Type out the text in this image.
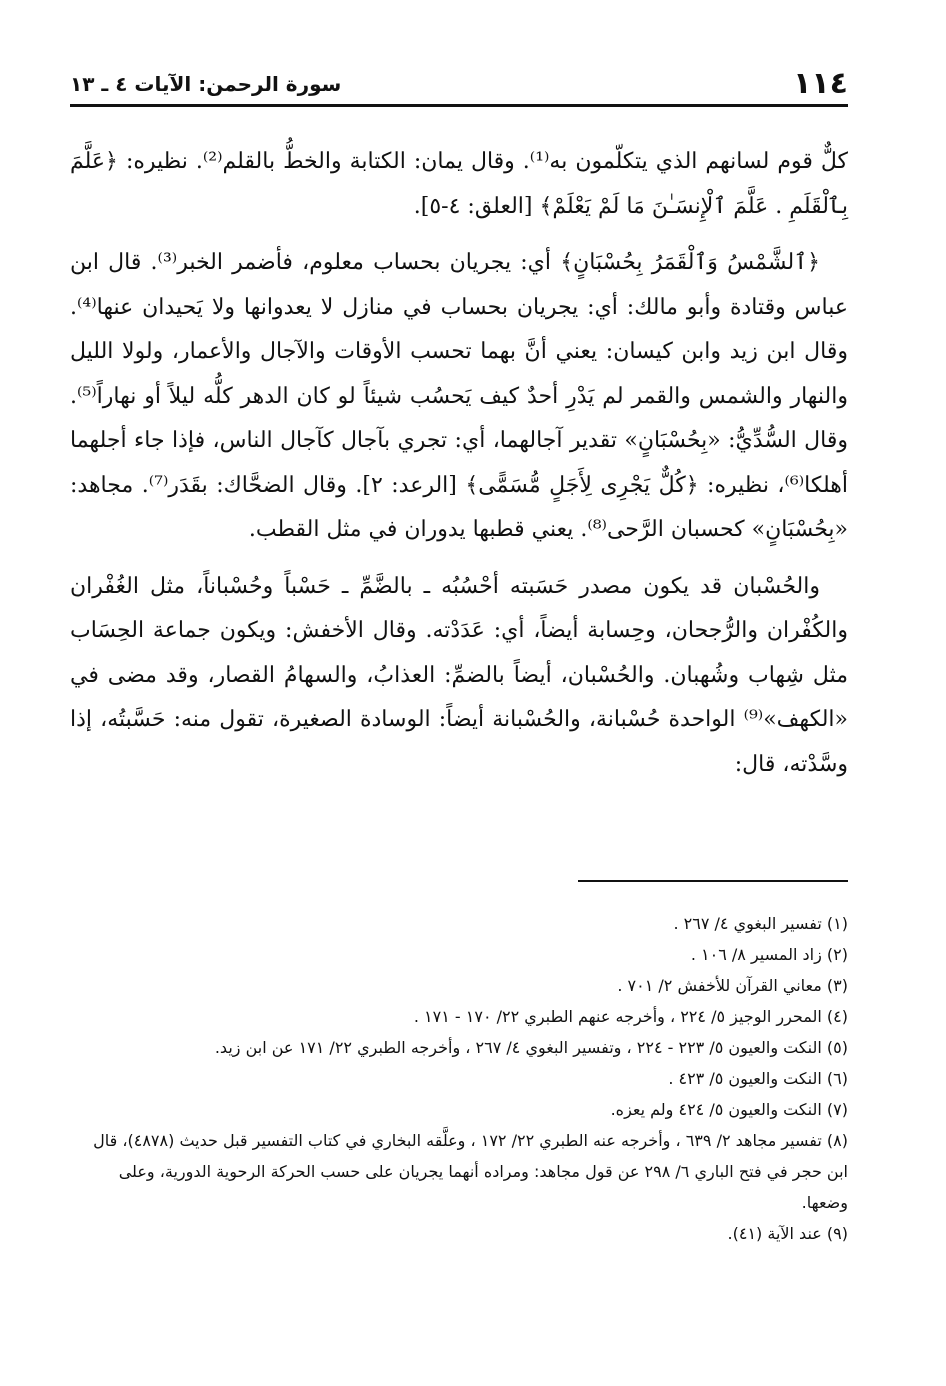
١١٤
سورة الرحمن: الآيات ٤ ـ ١٣

كلٌّ قوم لسانهم الذي يتكلّمون به⁽¹⁾. وقال يمان: الكتابة والخطُّ بالقلم⁽²⁾. نظيره: ﴿عَلَّمَ بِٱلْقَلَمِ . عَلَّمَ ٱلْإِنسَـٰنَ مَا لَمْ يَعْلَمْ﴾ [العلق: ٤-٥].

﴿ٱلشَّمْسُ وَٱلْقَمَرُ بِحُسْبَانٍ﴾ أي: يجريان بحساب معلوم، فأضمر الخبر⁽³⁾. قال ابن عباس وقتادة وأبو مالك: أي: يجريان بحساب في منازل لا يعدوانها ولا يَحيدان عنها⁽⁴⁾. وقال ابن زيد وابن كيسان: يعني أنَّ بهما تحسب الأوقات والآجال والأعمار، ولولا الليل والنهار والشمس والقمر لم يَدْرِ أحدٌ كيف يَحسُب شيئاً لو كان الدهر كلُّه ليلاً أو نهاراً⁽⁵⁾. وقال السُّدِّيُّ: «بِحُسْبَانٍ» تقدير آجالهما، أي: تجري بآجال كآجال الناس، فإذا جاء أجلهما أهلكا⁽⁶⁾، نظيره: ﴿كُلٌّ يَجْرِى لِأَجَلٍ مُّسَمًّى﴾ [الرعد: ٢]. وقال الضحَّاك: بقَدَر⁽⁷⁾. مجاهد: «بِحُسْبَانٍ» كحسبان الرَّحى⁽⁸⁾. يعني قطبها يدوران في مثل القطب.

والحُسْبان قد يكون مصدر حَسَبته أحْسُبُه ـ بالضَّمِّ ـ حَسْباً وحُسْباناً، مثل الغُفْران والكُفْران والرُّجحان، وحِسابة أيضاً، أي: عَدَدْته. وقال الأخفش: ويكون جماعة الحِسَاب مثل شِهاب وشُهبان. والحُسْبان، أيضاً بالضمِّ: العذابُ، والسهامُ القصار، وقد مضى في «الكهف»⁽⁹⁾ الواحدة حُسْبانة، والحُسْبانة أيضاً: الوسادة الصغيرة، تقول منه: حَسَّبتُه، إذا وسَّدْته، قال:

(١) تفسير البغوي ٤/ ٢٦٧ .
(٢) زاد المسير ٨/ ١٠٦ .
(٣) معاني القرآن للأخفش ٢/ ٧٠١ .
(٤) المحرر الوجيز ٥/ ٢٢٤ ، وأخرجه عنهم الطبري ٢٢/ ١٧٠ - ١٧١ .
(٥) النكت والعيون ٥/ ٢٢٣ - ٢٢٤ ، وتفسير البغوي ٤/ ٢٦٧ ، وأخرجه الطبري ٢٢/ ١٧١ عن ابن زيد.
(٦) النكت والعيون ٥/ ٤٢٣ .
(٧) النكت والعيون ٥/ ٤٢٤ ولم يعزه.
(٨) تفسير مجاهد ٢/ ٦٣٩ ، وأخرجه عنه الطبري ٢٢/ ١٧٢ ، وعلَّقه البخاري في كتاب التفسير قبل حديث (٤٨٧٨)، قال ابن حجر في فتح الباري ٦/ ٢٩٨ عن قول مجاهد: ومراده أنهما يجريان على حسب الحركة الرحوية الدورية، وعلى وضعها.
(٩) عند الآية (٤١).
